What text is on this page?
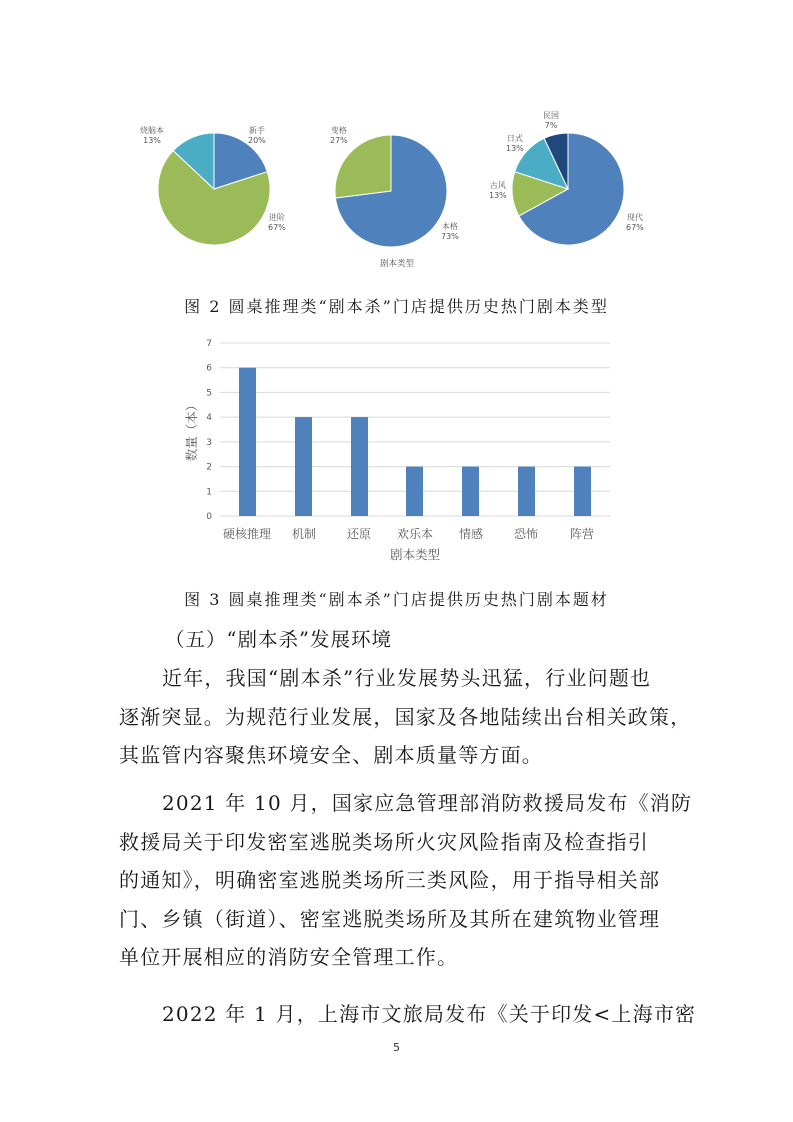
烧脑本
13%
新手
20%
进阶
67%
变格
27%
本格
73%
剧本类型
民国
7%
日式
13%
古风
13%
现代
67%
图 2 圆桌推理类“剧本杀”门店提供历史热门剧本类型
0
1
2
3
4
5
6
7
硬核推理 机制	还原 欢乐本 情感	恐怖	阵营
剧本类型
数量（本）
图 3 圆桌推理类“剧本杀”门店提供历史热门剧本题材
（五）“剧本杀”发展环境
近年，我国“剧本杀”行业发展势头迅猛，行业问题也
逐渐突显。为规范行业发展，国家及各地陆续出台相关政策，
其监管内容聚焦环境安全、剧本质量等方面。
2021 年 10 月，国家应急管理部消防救援局发布《消防
救援局关于印发密室逃脱类场所火灾风险指南及检查指引
的通知》，明确密室逃脱类场所三类风险，用于指导相关部
门、乡镇（街道）、密室逃脱类场所及其所在建筑物业管理
单位开展相应的消防安全管理工作。
2022 年 1 月，上海市文旅局发布《关于印发<上海市密
5
